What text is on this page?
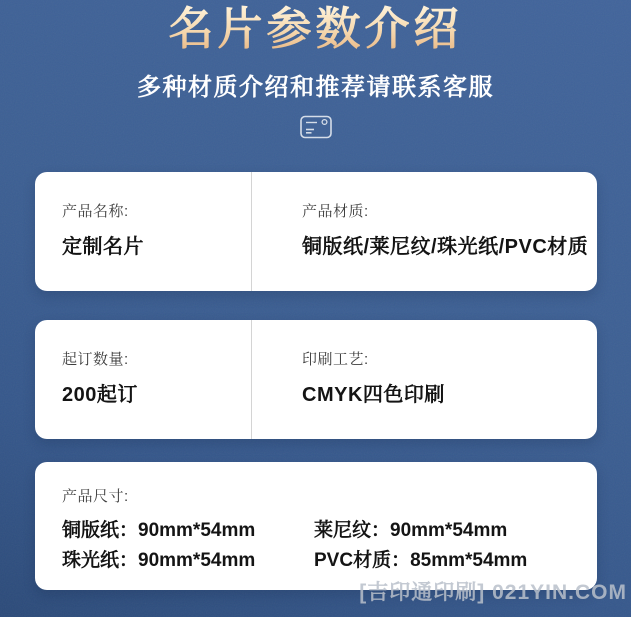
名片参数介绍
多种材质介绍和推荐请联系客服
产品名称:
定制名片
产品材质:
铜版纸/莱尼纹/珠光纸/PVC材质
起订数量:
200起订
印刷工艺:
CMYK四色印刷
产品尺寸:
铜版纸：90mm*54mm	莱尼纹：90mm*54mm
珠光纸：90mm*54mm	PVC材质：85mm*54mm
[吉印通印刷] 021YIN.COM
